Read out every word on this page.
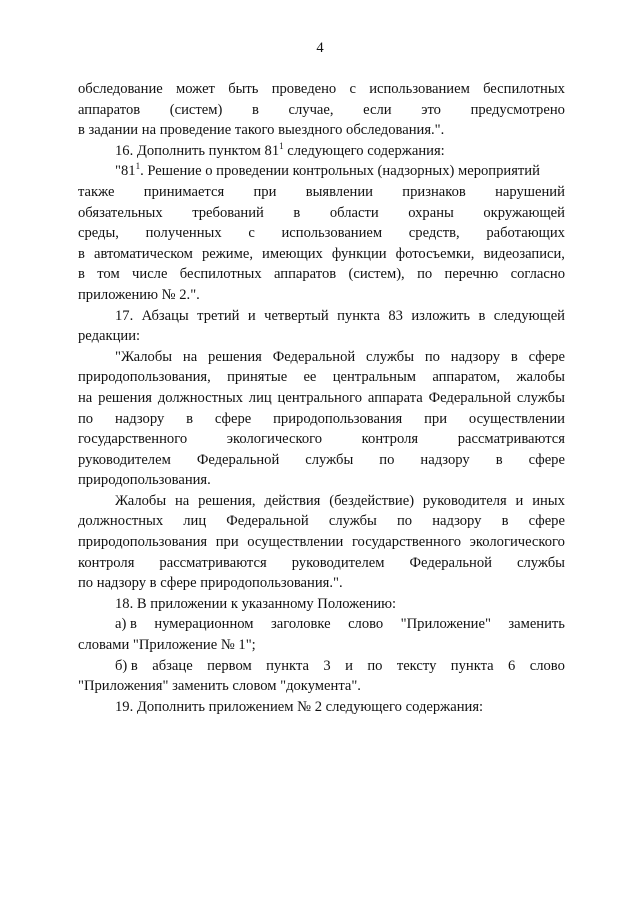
4
обследование может быть проведено с использованием беспилотных
аппаратов (систем) в случае, если это предусмотрено
в задании на проведение такого выездного обследования.".
16. Дополнить пунктом $81^1$ следующего содержания:
"$81^1$. Решение о проведении контрольных (надзорных) мероприятий
также принимается при выявлении признаков нарушений
обязательных требований в области охраны окружающей
среды, полученных с использованием средств, работающих
в автоматическом режиме, имеющих функции фотосъемки, видеозаписи,
в том числе беспилотных аппаратов (систем), по перечню согласно
приложению № 2.".
17. Абзацы третий и четвертый пункта 83 изложить в следующей
редакции:
"Жалобы на решения Федеральной службы по надзору в сфере
природопользования, принятые ее центральным аппаратом, жалобы
на решения должностных лиц центрального аппарата Федеральной службы
по надзору в сфере природопользования при осуществлении
государственного	экологического	контроля	рассматриваются
руководителем Федеральной службы по надзору в сфере
природопользования.
Жалобы на решения, действия (бездействие) руководителя и иных
должностных лиц Федеральной службы по надзору в сфере
природопользования при осуществлении государственного экологического
контроля рассматриваются руководителем Федеральной службы
по надзору в сфере природопользования.".
18. В приложении к указанному Положению:
а) в нумерационном заголовке слово "Приложение" заменить
словами "Приложение № 1";
б) в абзаце первом пункта 3 и по тексту пункта 6 слово
"Приложения" заменить словом "документа".
19. Дополнить приложением № 2 следующего содержания:
